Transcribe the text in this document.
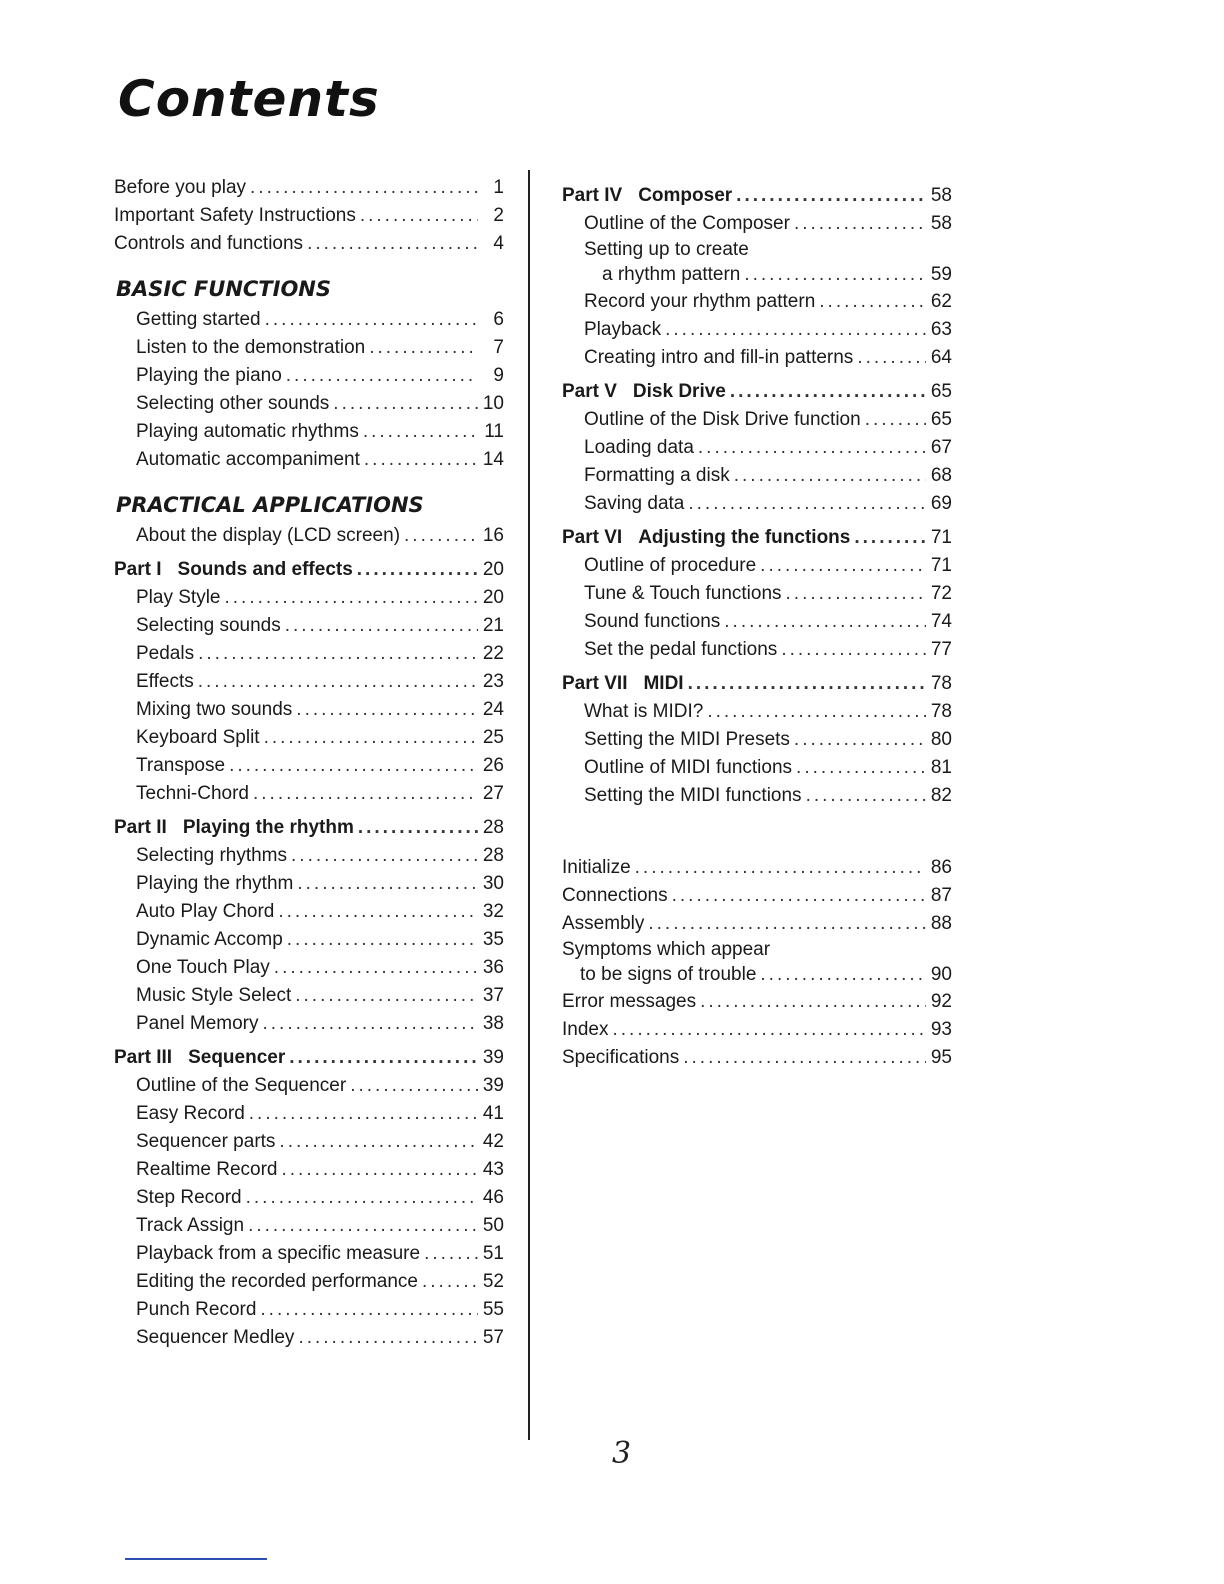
Contents
Before you play .....	1
Important Safety Instructions .....	2
Controls and functions .....	4
BASIC FUNCTIONS
Getting started .....	6
Listen to the demonstration .....	7
Playing the piano .....	9
Selecting other sounds .....	10
Playing automatic rhythms .....	11
Automatic accompaniment .....	14
PRACTICAL APPLICATIONS
About the display (LCD screen) .....	16
Part I Sounds and effects .....	20
Play Style .....	20
Selecting sounds .....	21
Pedals .....	22
Effects .....	23
Mixing two sounds .....	24
Keyboard Split .....	25
Transpose .....	26
Techni-Chord .....	27
Part II Playing the rhythm .....	28
Selecting rhythms .....	28
Playing the rhythm .....	30
Auto Play Chord .....	32
Dynamic Accomp .....	35
One Touch Play .....	36
Music Style Select .....	37
Panel Memory .....	38
Part III Sequencer .....	39
Outline of the Sequencer .....	39
Easy Record .....	41
Sequencer parts .....	42
Realtime Record .....	43
Step Record .....	46
Track Assign .....	50
Playback from a specific measure .....	51
Editing the recorded performance .....	52
Punch Record .....	55
Sequencer Medley .....	57
Part IV Composer .....	58
Outline of the Composer .....	58
Setting up to create
a rhythm pattern .....	59
Record your rhythm pattern .....	62
Playback .....	63
Creating intro and fill-in patterns .....	64
Part V Disk Drive .....	65
Outline of the Disk Drive function .....	65
Loading data .....	67
Formatting a disk .....	68
Saving data .....	69
Part VI Adjusting the functions .....	71
Outline of procedure .....	71
Tune & Touch functions .....	72
Sound functions .....	74
Set the pedal functions .....	77
Part VII MIDI .....	78
What is MIDI? .....	78
Setting the MIDI Presets .....	80
Outline of MIDI functions .....	81
Setting the MIDI functions .....	82
Initialize .....	86
Connections .....	87
Assembly .....	88
Symptoms which appear
to be signs of trouble .....	90
Error messages .....	92
Index .....	93
Specifications .....	95
3
